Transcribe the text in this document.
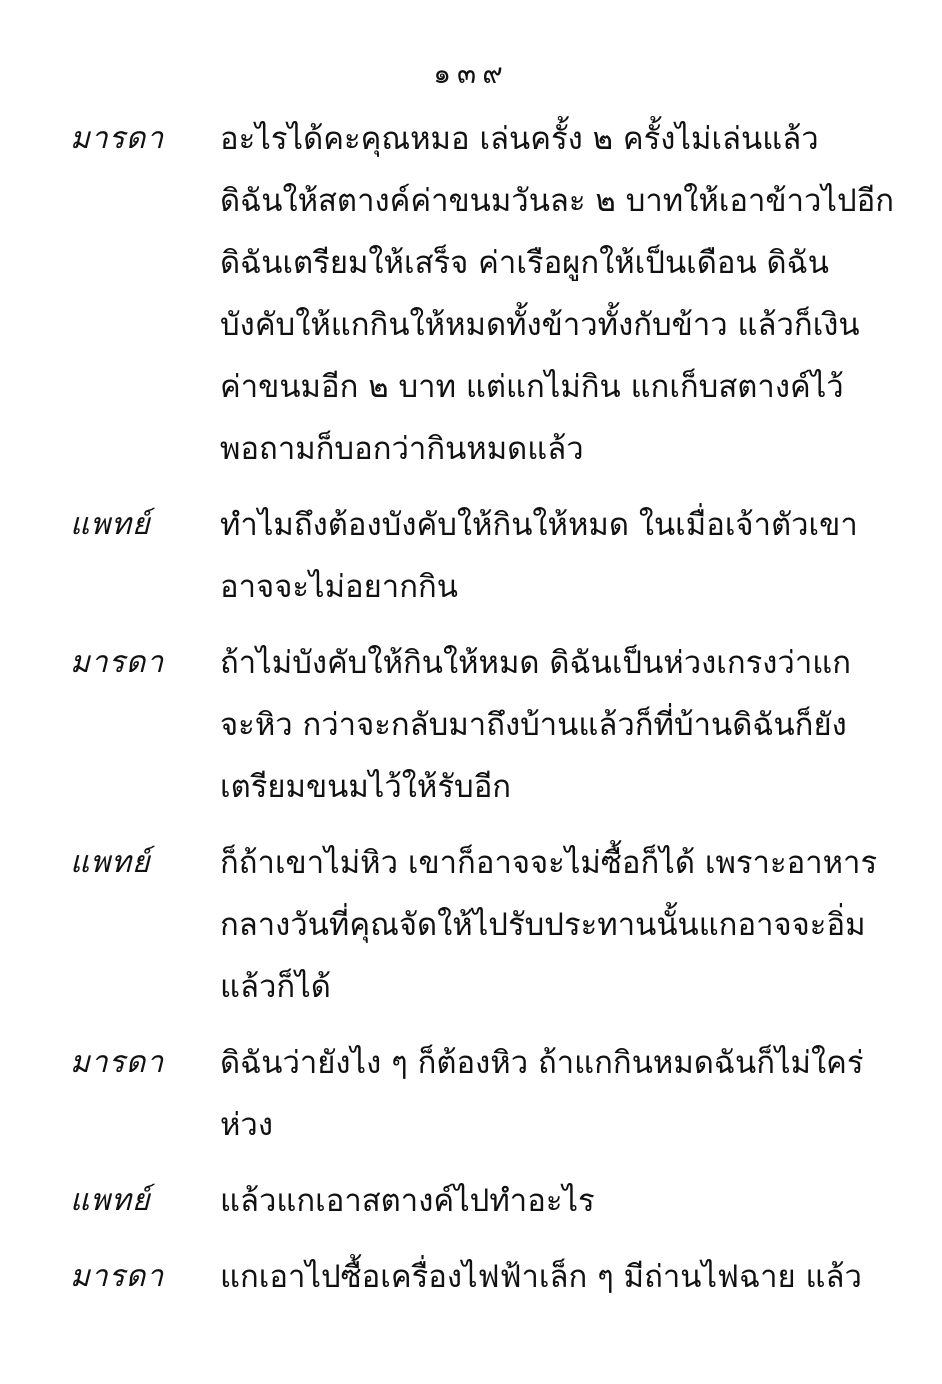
๑๓๙
มารดา	อะไรได้คะคุณหมอ เล่นครั้ง ๒ ครั้งไม่เล่นแล้ว

ดิฉันให้สตางค์ค่าขนมวันละ ๒ บาทให้เอาข้าวไปอีก

ดิฉันเตรียมให้เสร็จ ค่าเรือผูกให้เป็นเดือน ดิฉัน

บังคับให้แกกินให้หมดทั้งข้าวทั้งกับข้าว แล้วก็เงิน

ค่าขนมอีก ๒ บาท แต่แกไม่กิน แกเก็บสตางค์ไว้

พอถามก็บอกว่ากินหมดแล้ว

แพทย์	ทำไมถึงต้องบังคับให้กินให้หมด ในเมื่อเจ้าตัวเขา

อาจจะไม่อยากกิน

มารดา	ถ้าไม่บังคับให้กินให้หมด ดิฉันเป็นห่วงเกรงว่าแก

จะหิว กว่าจะกลับมาถึงบ้านแล้วก็ที่บ้านดิฉันก็ยัง

เตรียมขนมไว้ให้รับอีก

แพทย์	ก็ถ้าเขาไม่หิว เขาก็อาจจะไม่ซื้อก็ได้ เพราะอาหาร

กลางวันที่คุณจัดให้ไปรับประทานนั้นแกอาจจะอิ่ม

แล้วก็ได้

มารดา	ดิฉันว่ายังไง ๆ ก็ต้องหิว ถ้าแกกินหมดฉันก็ไม่ใคร่

ห่วง

แพทย์	แล้วแกเอาสตางค์ไปทำอะไร

มารดา	แกเอาไปซื้อเครื่องไฟฟ้าเล็ก ๆ มีถ่านไฟฉาย แล้ว
